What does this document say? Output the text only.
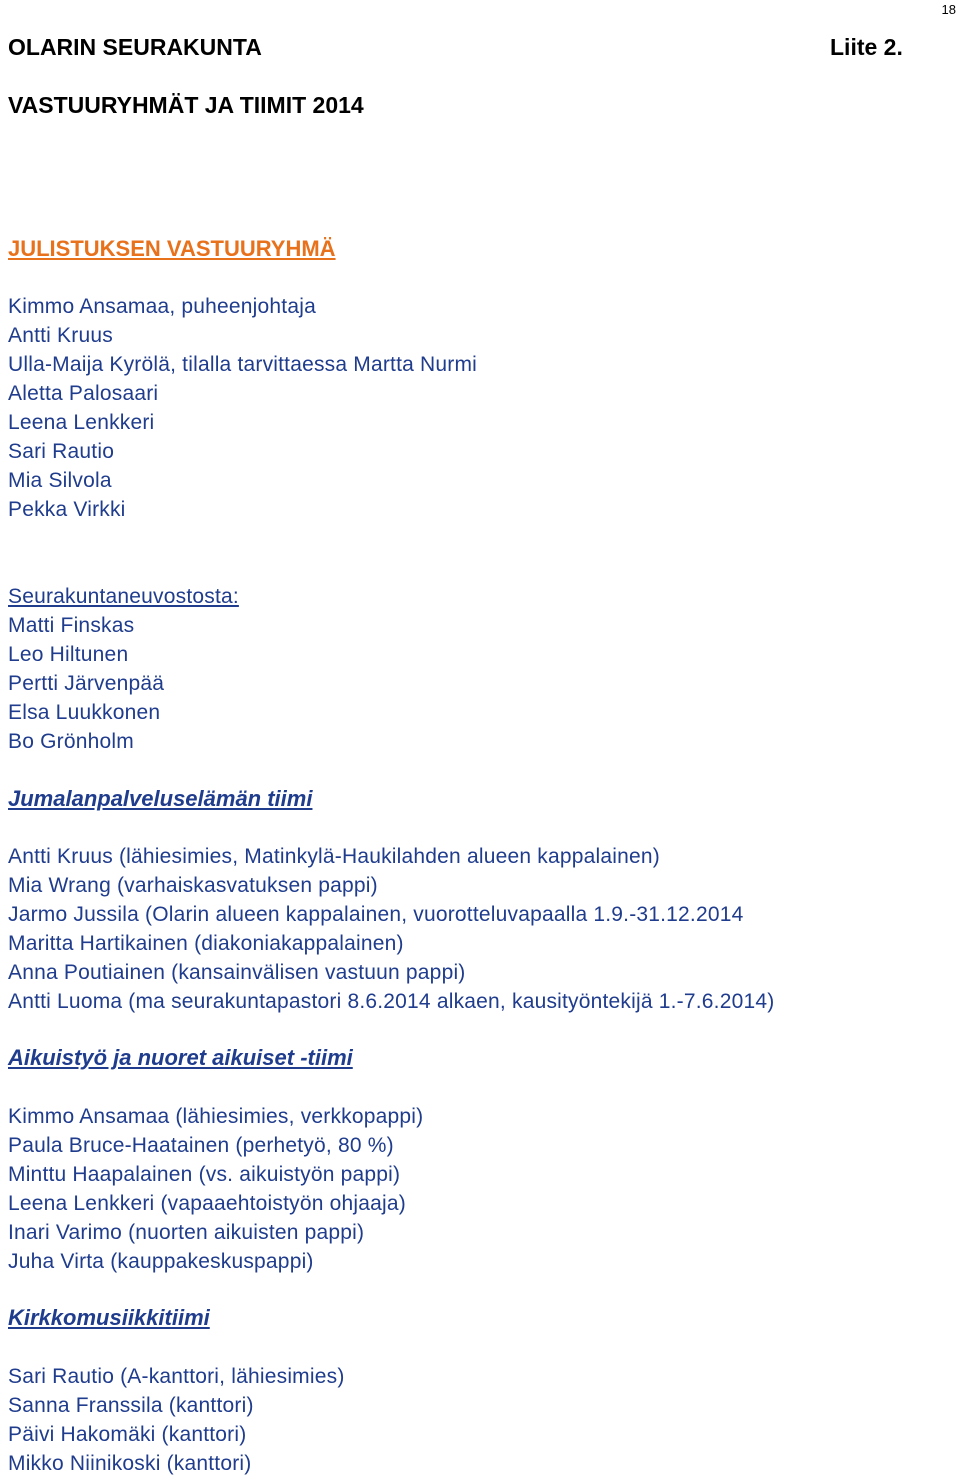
18
OLARIN SEURAKUNTA	Liite 2.
VASTUURYHMÄT JA TIIMIT 2014
JULISTUKSEN VASTUURYHMÄ
Kimmo Ansamaa, puheenjohtaja
Antti Kruus
Ulla-Maija Kyrölä, tilalla tarvittaessa Martta Nurmi
Aletta Palosaari
Leena Lenkkeri
Sari Rautio
Mia Silvola
Pekka Virkki
Seurakuntaneuvostosta:
Matti Finskas
Leo Hiltunen
Pertti Järvenpää
Elsa Luukkonen
Bo Grönholm
Jumalanpalveluselämän tiimi
Antti Kruus (lähiesimies, Matinkylä-Haukilahden alueen kappalainen)
Mia Wrang (varhaiskasvatuksen pappi)
Jarmo Jussila (Olarin alueen kappalainen, vuorotteluvapaalla 1.9.-31.12.2014
Maritta Hartikainen (diakoniakappalainen)
Anna Poutiainen (kansainvälisen vastuun pappi)
Antti Luoma (ma seurakuntapastori 8.6.2014 alkaen, kausityöntekijä 1.-7.6.2014)
Aikuistyö ja nuoret aikuiset -tiimi
Kimmo Ansamaa (lähiesimies, verkkopappi)
Paula Bruce-Haatainen (perhetyö, 80 %)
Minttu Haapalainen (vs. aikuistyön pappi)
Leena Lenkkeri (vapaaehtoistyön ohjaaja)
Inari Varimo (nuorten aikuisten pappi)
Juha Virta (kauppakeskuspappi)
Kirkkomusiikkitiimi
Sari Rautio (A-kanttori, lähiesimies)
Sanna Franssila (kanttori)
Päivi Hakomäki (kanttori)
Mikko Niinikoski (kanttori)
